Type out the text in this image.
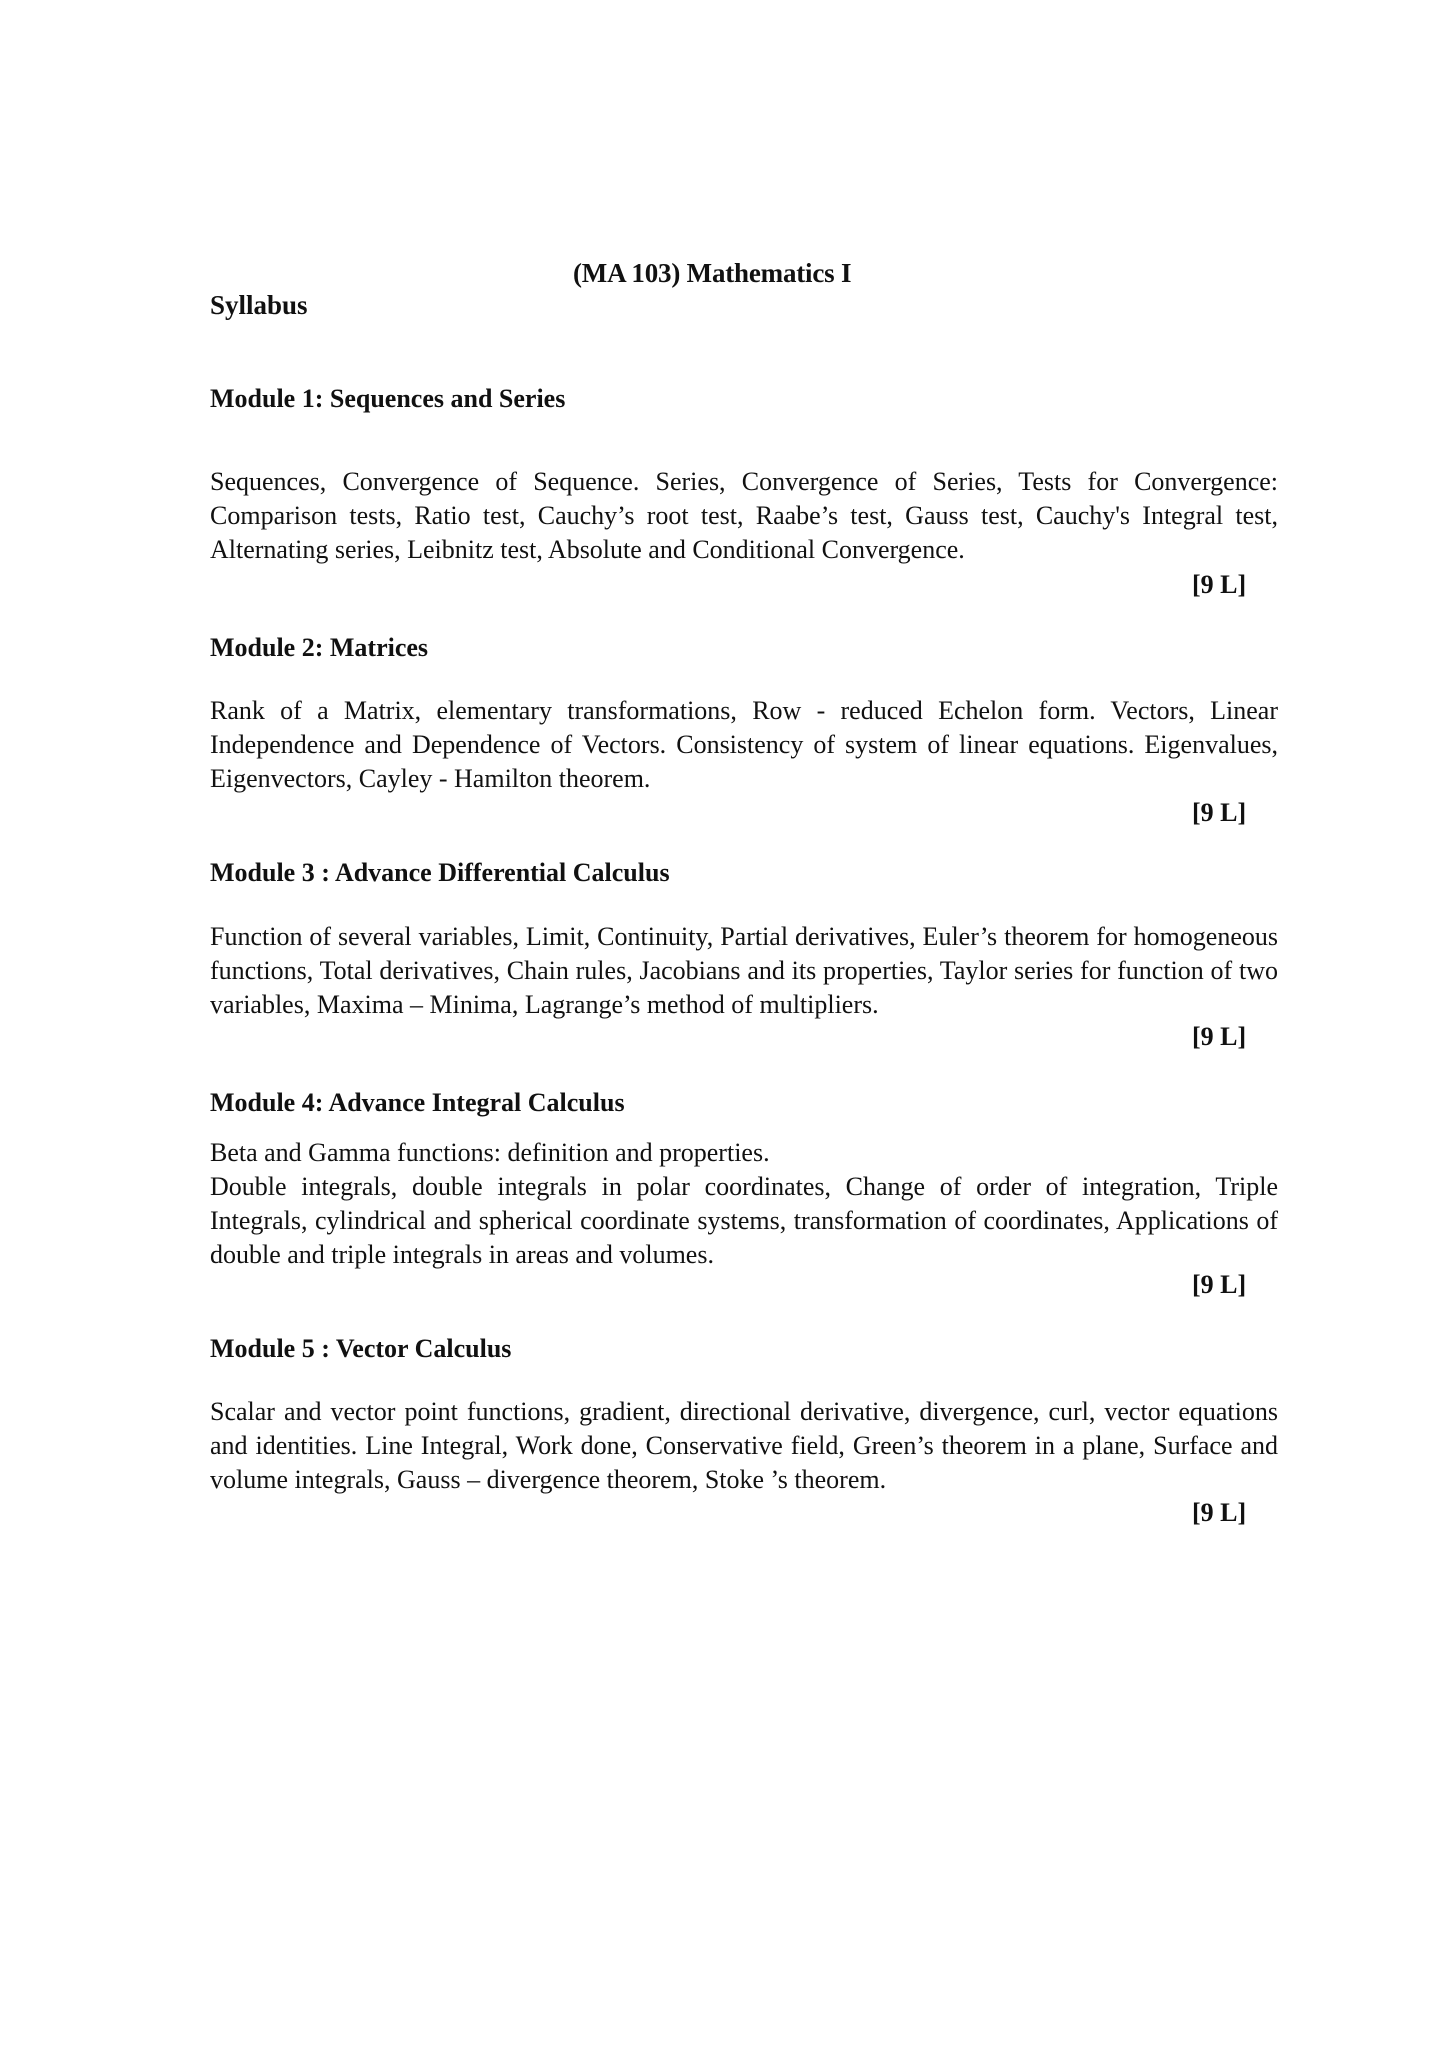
(MA 103) Mathematics I
Syllabus
Module 1: Sequences and Series

Sequences, Convergence of Sequence. Series, Convergence of Series, Tests for Convergence: Comparison tests, Ratio test, Cauchy’s root test, Raabe’s test, Gauss test, Cauchy's Integral test, Alternating series, Leibnitz test, Absolute and Conditional Convergence.

[9 L]
Module 2: Matrices

Rank of a Matrix, elementary transformations, Row - reduced Echelon form. Vectors, Linear Independence and Dependence of Vectors. Consistency of system of linear equations. Eigenvalues, Eigenvectors, Cayley - Hamilton theorem.

[9 L]
Module 3 : Advance Differential Calculus

Function of several variables, Limit, Continuity, Partial derivatives, Euler’s theorem for homogeneous functions, Total derivatives, Chain rules, Jacobians and its properties, Taylor series for function of two variables, Maxima – Minima, Lagrange’s method of multipliers.

[9 L]
Module 4: Advance Integral Calculus

Beta and Gamma functions: definition and properties.

Double integrals, double integrals in polar coordinates, Change of order of integration, Triple Integrals, cylindrical and spherical coordinate systems, transformation of coordinates, Applications of double and triple integrals in areas and volumes.

[9 L]
Module 5 : Vector Calculus

Scalar and vector point functions, gradient, directional derivative, divergence, curl, vector equations and identities. Line Integral, Work done, Conservative field, Green’s theorem in a plane, Surface and volume integrals, Gauss – divergence theorem, Stoke ’s theorem.

[9 L]
